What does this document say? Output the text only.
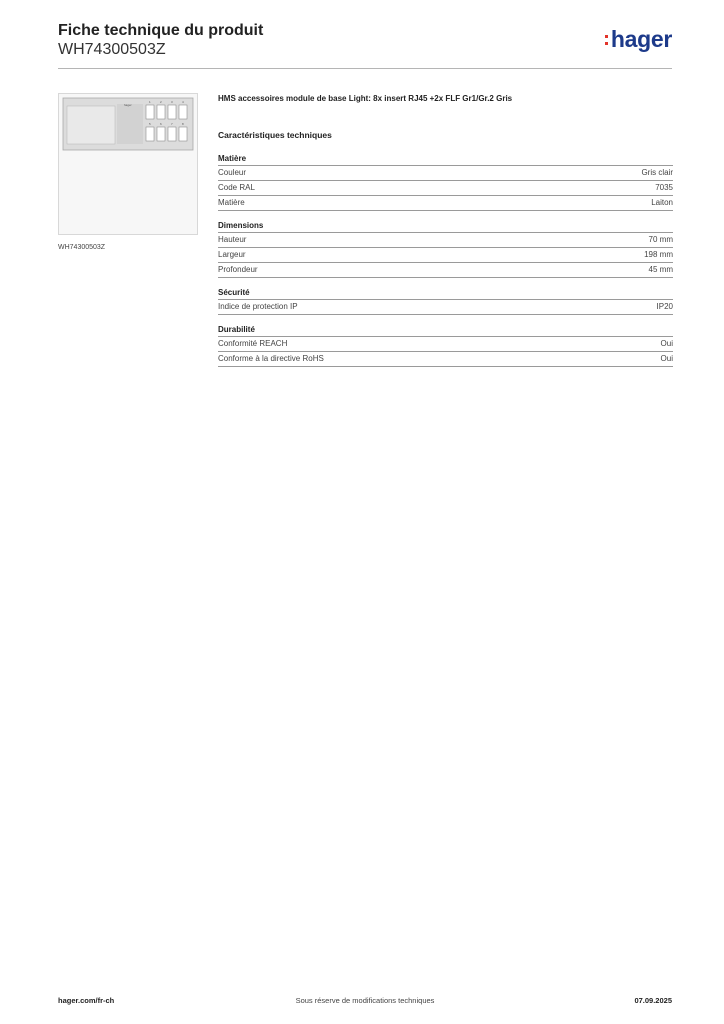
Fiche technique du produit
WH74300503Z	hager
hager
1	2	3	4
5	6	7	8
WH74300503Z
HMS accessoires module de base Light: 8x insert RJ45 +2x FLF Gr1/Gr.2 Gris
Caractéristiques techniques
Matière
Couleur	Gris clair
Code RAL	7035
Matière	Laiton
Dimensions
Hauteur	70 mm
Largeur	198 mm
Profondeur	45 mm
Sécurité
Indice de protection IP	IP20
Durabilité
Conformité REACH	Oui
Conforme à la directive RoHS	Oui
hager.com/fr-ch	Sous réserve de modifications techniques	07.09.2025
